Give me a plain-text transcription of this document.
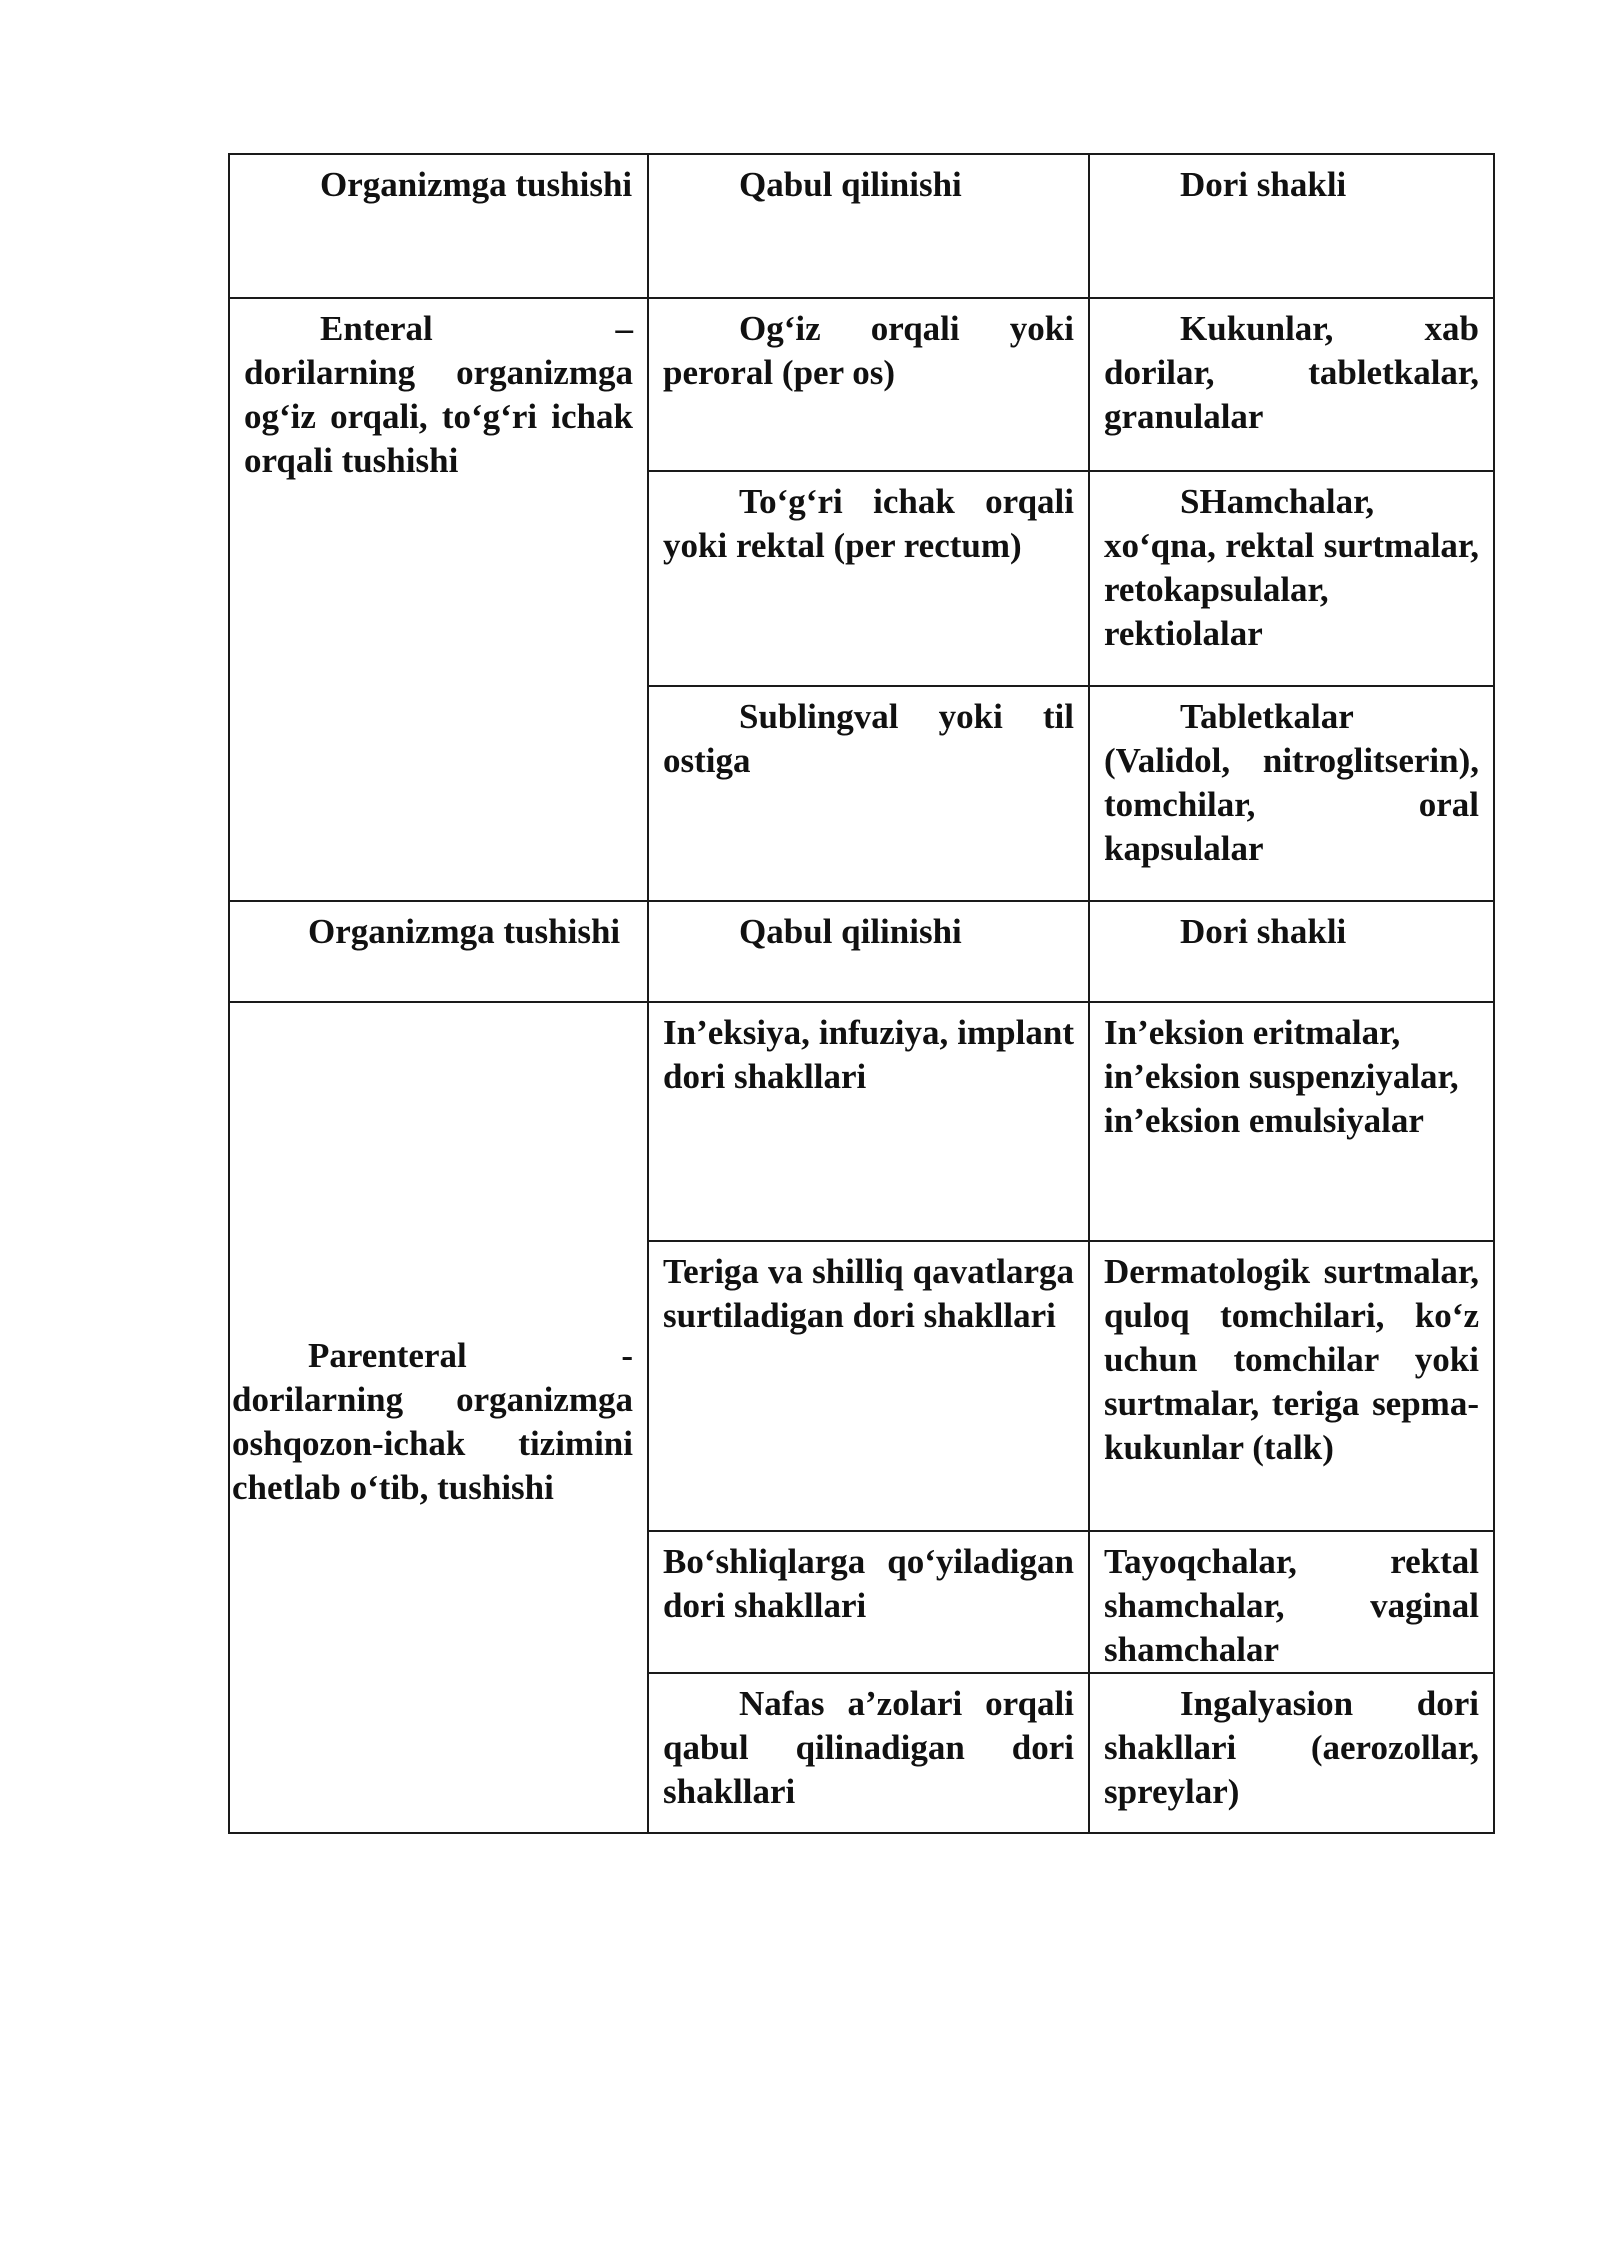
Organizmga tushishi	Qabul qilinishi	Dori shakli

Enteral – dorilarning organizmga og‘iz orqali, to‘g‘ri ichak orqali tushishi	Og‘iz orqali yoki peroral (per os)	Kukunlar, xab dorilar, tabletkalar, granulalar

	To‘g‘ri ichak orqali yoki rektal (per rectum)	SHamchalar, xo‘qna, rektal surtmalar, retokapsulalar, rektiolalar

	Sublingval yoki til ostiga	Tabletkalar (Validol, nitroglitserin), tomchilar, oral kapsulalar

Organizmga tushishi	Qabul qilinishi	Dori shakli

Parenteral - dorilarning organizmga oshqozon-ichak tizimini chetlab o‘tib, tushishi	In’eksiya, infuziya, implant dori shakllari	In’eksion eritmalar, in’eksion suspenziyalar, in’eksion emulsiyalar

	Teriga va shilliq qavatlarga surtiladigan dori shakllari	Dermatologik surtmalar, quloq tomchilari, ko‘z uchun tomchilar yoki surtmalar, teriga sepma-kukunlar (talk)

	Bo‘shliqlarga qo‘yiladigan dori shakllari	Tayoqchalar, rektal shamchalar, vaginal shamchalar

	Nafas a’zolari orqali qabul qilinadigan dori shakllari	Ingalyasion dori shakllari (aerozollar, spreylar)
